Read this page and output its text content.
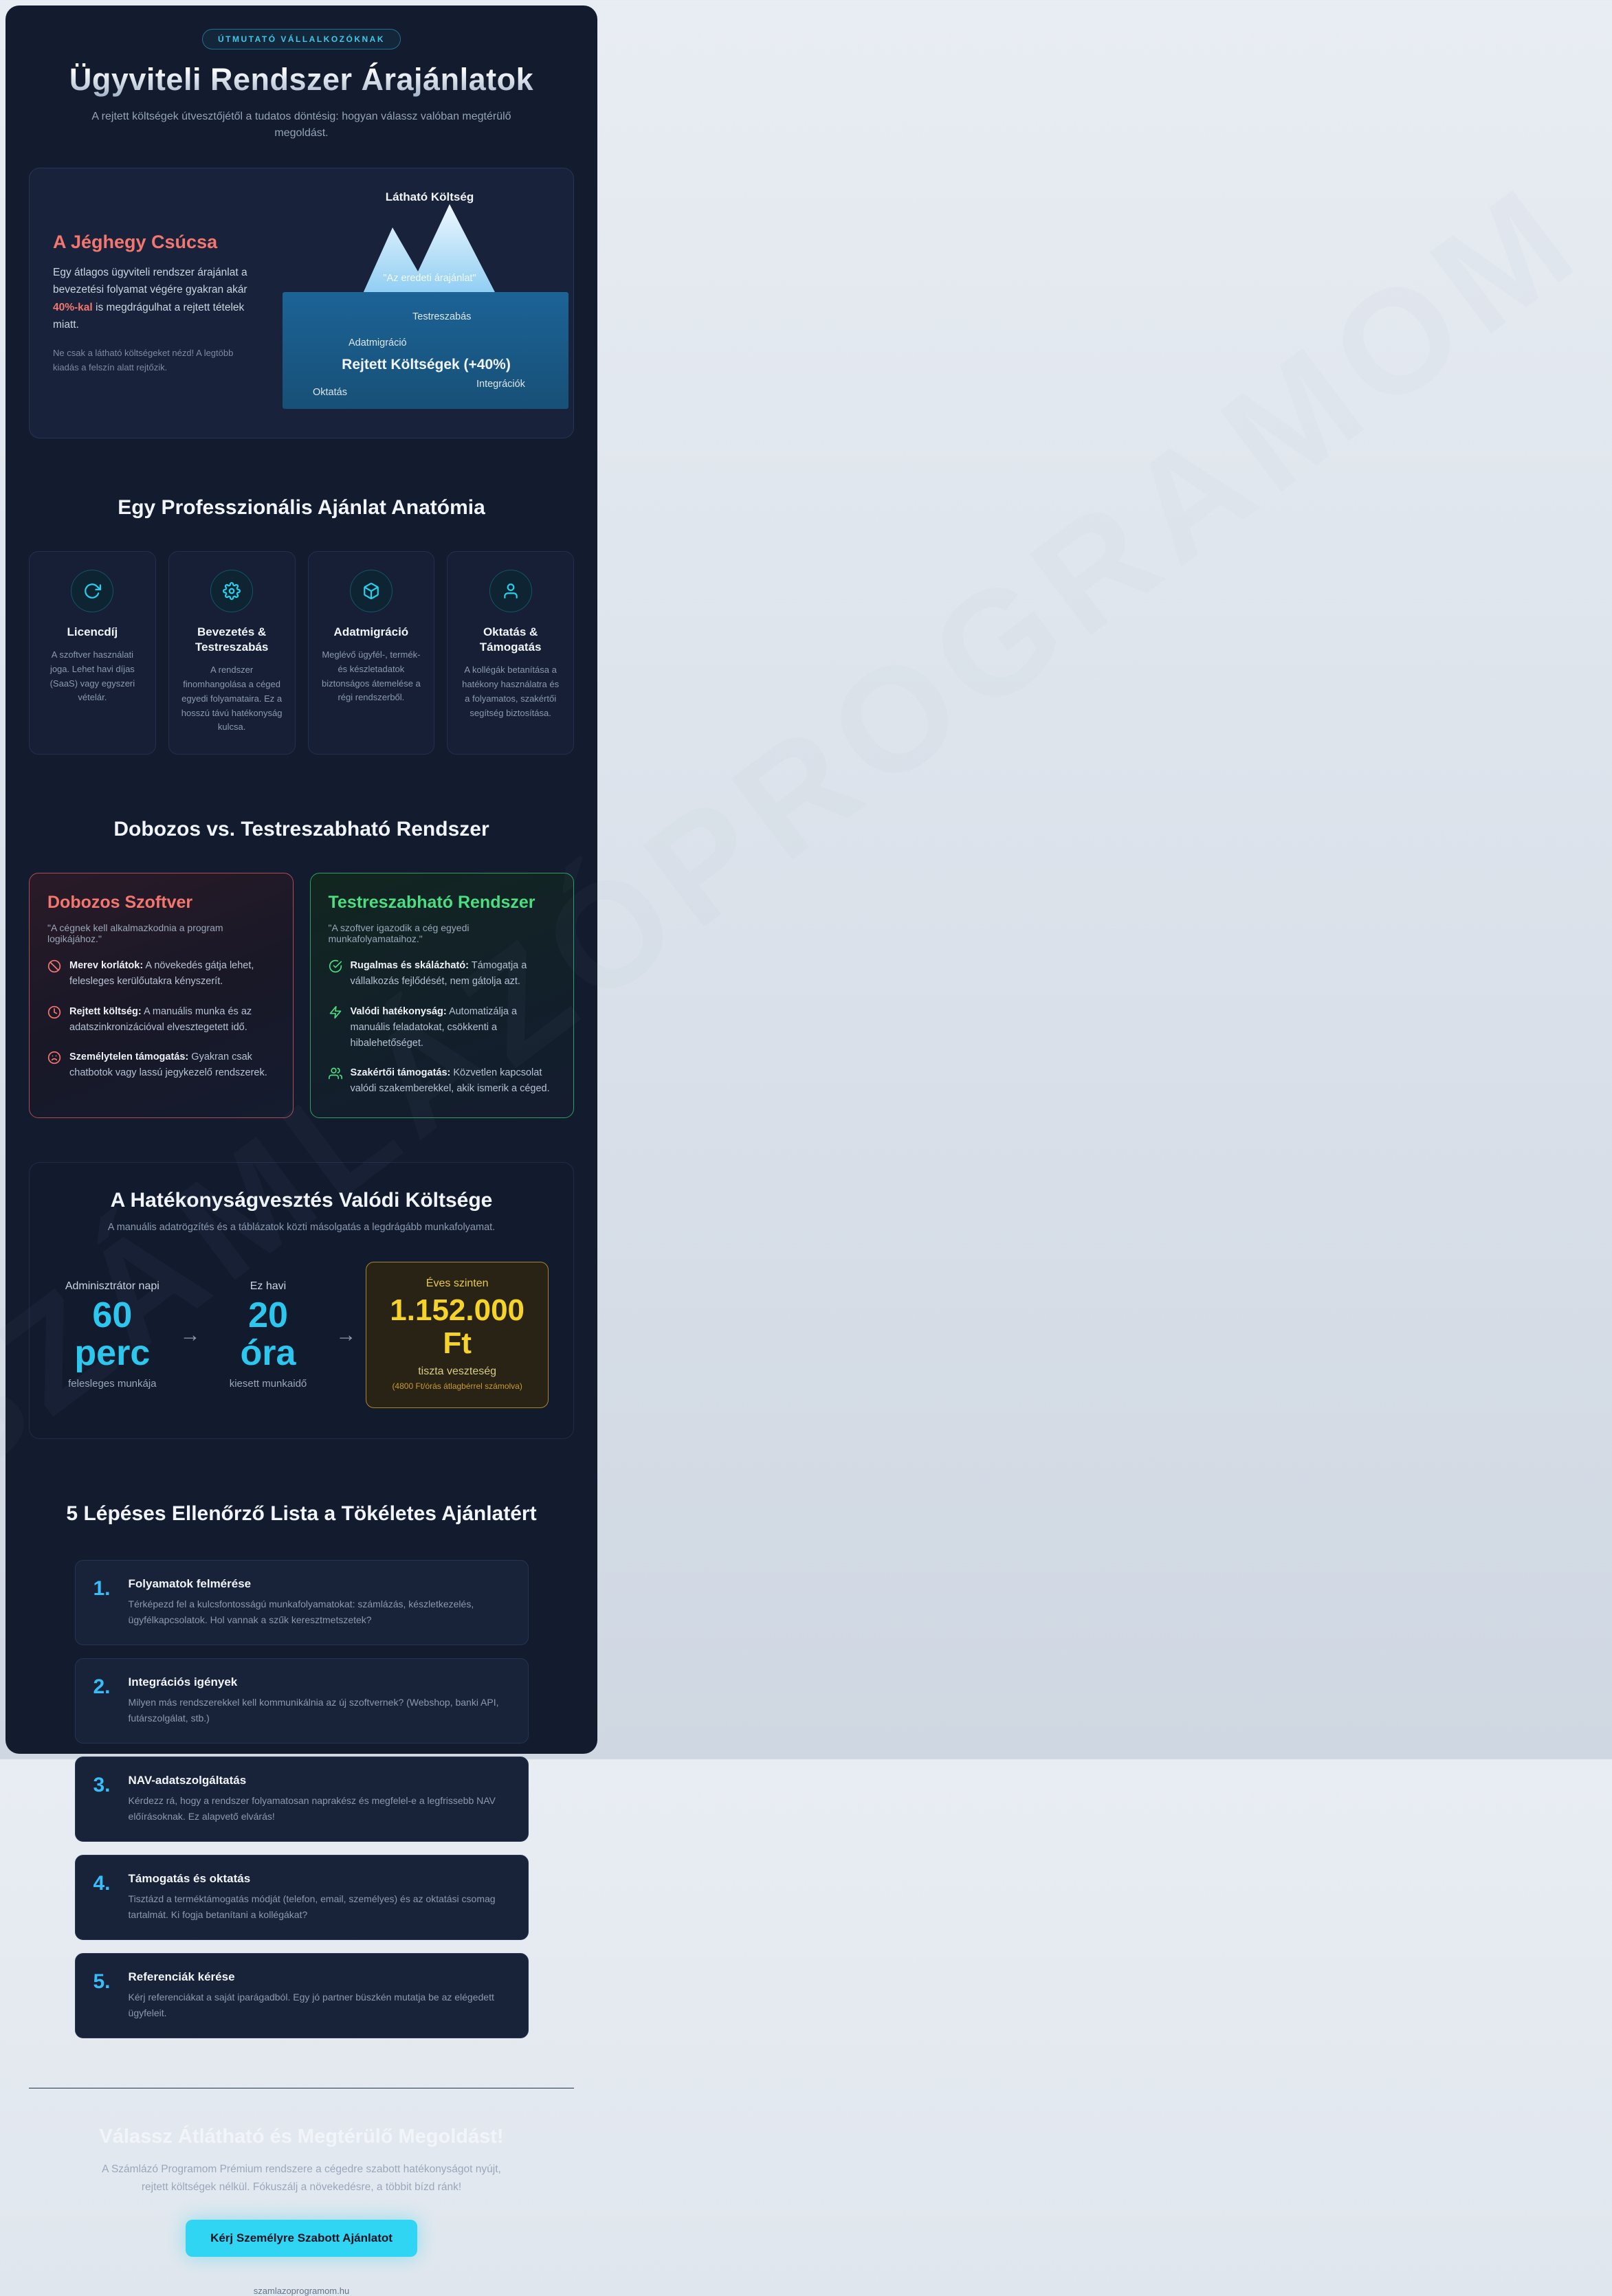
ÚTMUTATÓ VÁLLALKOZÓKNAK
Ügyviteli Rendszer Árajánlatok

A rejtett költségek útvesztőjétől a tudatos döntésig: hogyan válassz valóban megtérülő megoldást.

A Jéghegy Csúcsa

Egy átlagos ügyviteli rendszer árajánlat a bevezetési folyamat végére gyakran akár 40%-kal is megdrágulhat a rejtett tételek miatt.

Ne csak a látható költségeket nézd! A legtöbb kiadás a felszín alatt rejtőzik.

Látható Költség
"Az eredeti árajánlat"
Testreszabás
Adatmigráció
Rejtett Költségek (+40%)
Oktatás
Integrációk
Egy Professzionális Ajánlat Anatómia
Licencdíj

A szoftver használati joga. Lehet havi díjas (SaaS) vagy egyszeri vételár.

Bevezetés & Testreszabás

A rendszer finomhangolása a céged egyedi folyamataira. Ez a hosszú távú hatékonyság kulcsa.

Adatmigráció

Meglévő ügyfél-, termék- és készletadatok biztonságos átemelése a régi rendszerből.

Oktatás & Támogatás

A kollégák betanítása a hatékony használatra és a folyamatos, szakértői segítség biztosítása.

Dobozos vs. Testreszabható Rendszer
Dobozos Szoftver

"A cégnek kell alkalmazkodnia a program logikájához."

Merev korlátok: A növekedés gátja lehet, felesleges kerülőutakra kényszerít.

Rejtett költség: A manuális munka és az adatszinkronizációval elvesztegetett idő.

Személytelen támogatás: Gyakran csak chatbotok vagy lassú jegykezelő rendszerek.

Testreszabható Rendszer

"A szoftver igazodik a cég egyedi munkafolyamataihoz."

Rugalmas és skálázható: Támogatja a vállalkozás fejlődését, nem gátolja azt.

Valódi hatékonyság: Automatizálja a manuális feladatokat, csökkenti a hibalehetőséget.

Szakértői támogatás: Közvetlen kapcsolat valódi szakemberekkel, akik ismerik a céged.

A Hatékonyságvesztés Valódi Költsége

A manuális adatrögzítés és a táblázatok közti másolgatás a legdrágább munkafolyamat.

Adminisztrátor napi
60
perc
felesleges munkája
→
Ez havi
20
óra
kiesett munkaidő
→
Éves szinten
1.152.000
Ft
tiszta veszteség
(4800 Ft/órás átlagbérrel számolva)
5 Lépéses Ellenőrző Lista a Tökéletes Ajánlatért
1. Folyamatok felmérése

Térképezd fel a kulcsfontosságú munkafolyamatokat: számlázás, készletkezelés, ügyfélkapcsolatok. Hol vannak a szűk keresztmetszetek?

2. Integrációs igények

Milyen más rendszerekkel kell kommunikálnia az új szoftvernek? (Webshop, banki API, futárszolgálat, stb.)

3. NAV-adatszolgáltatás

Kérdezz rá, hogy a rendszer folyamatosan naprakész és megfelel-e a legfrissebb NAV előírásoknak. Ez alapvető elvárás!

4. Támogatás és oktatás

Tisztázd a terméktámogatás módját (telefon, email, személyes) és az oktatási csomag tartalmát. Ki fogja betanítani a kollégákat?

5. Referenciák kérése

Kérj referenciákat a saját iparágadból. Egy jó partner büszkén mutatja be az elégedett ügyfeleit.

Válassz Átlátható és Megtérülő Megoldást!

A Számlázó Programom Prémium rendszere a cégedre szabott hatékonyságot nyújt, rejtett költségek nélkül. Fókuszálj a növekedésre, a többit bízd ránk!

Kérj Személyre Szabott Ajánlatot
szamlazoprogramom.hu
